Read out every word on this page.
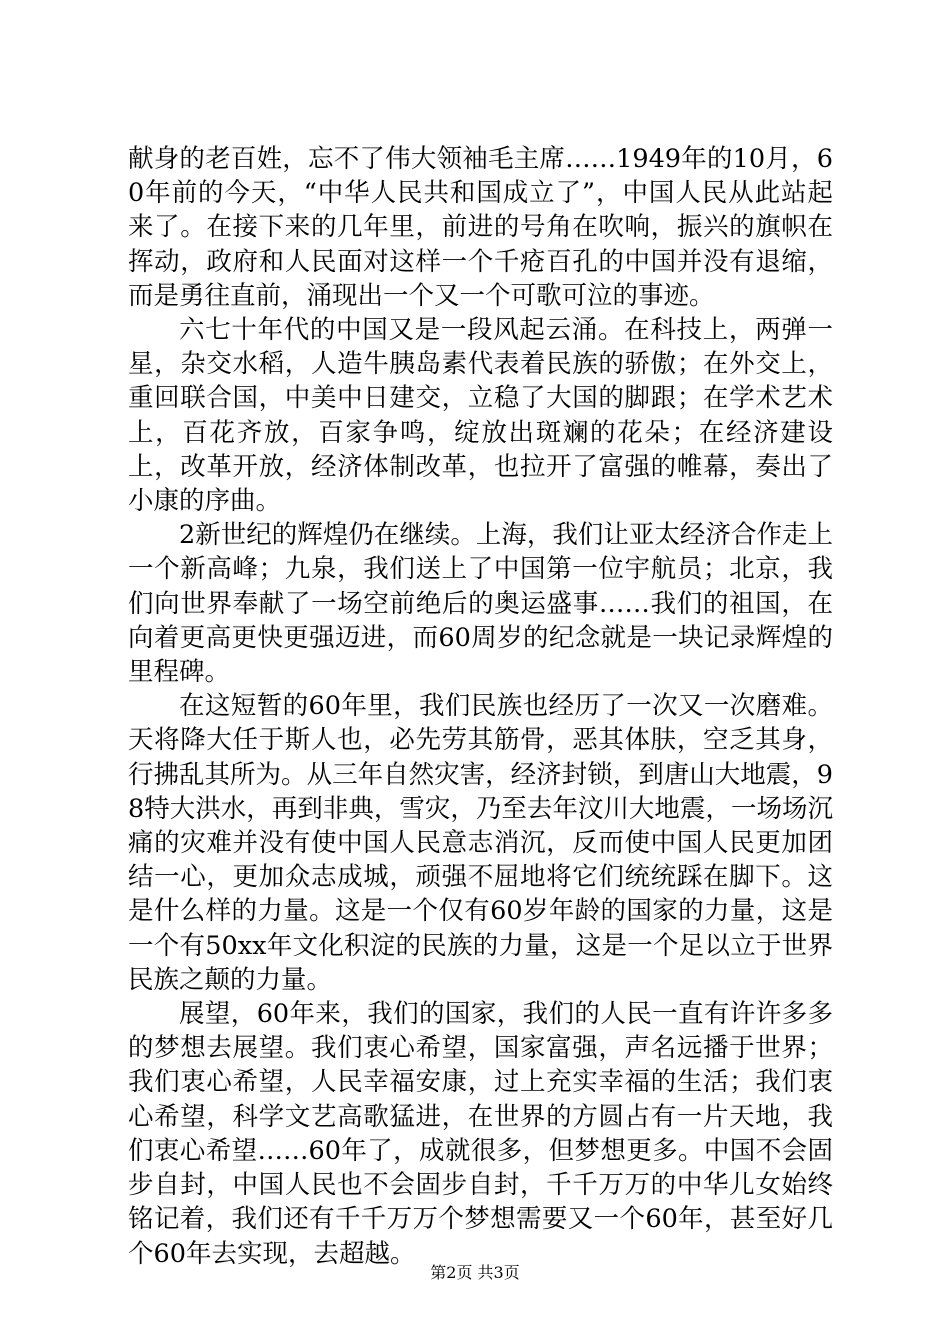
献身的老百姓，忘不了伟大领袖毛主席……1949年的10月，60年前的今天，“中华人民共和国成立了”，中国人民从此站起来了。在接下来的几年里，前进的号角在吹响，振兴的旗帜在挥动，政府和人民面对这样一个千疮百孔的中国并没有退缩，而是勇往直前，涌现出一个又一个可歌可泣的事迹。

六七十年代的中国又是一段风起云涌。在科技上，两弹一星，杂交水稻，人造牛胰岛素代表着民族的骄傲；在外交上，重回联合国，中美中日建交，立稳了大国的脚跟；在学术艺术上，百花齐放，百家争鸣，绽放出斑斓的花朵；在经济建设上，改革开放，经济体制改革，也拉开了富强的帷幕，奏出了小康的序曲。

2新世纪的辉煌仍在继续。上海，我们让亚太经济合作走上一个新高峰；九泉，我们送上了中国第一位宇航员；北京，我们向世界奉献了一场空前绝后的奥运盛事……我们的祖国，在向着更高更快更强迈进，而60周岁的纪念就是一块记录辉煌的里程碑。

在这短暂的60年里，我们民族也经历了一次又一次磨难。天将降大任于斯人也，必先劳其筋骨，恶其体肤，空乏其身，行拂乱其所为。从三年自然灾害，经济封锁，到唐山大地震，98特大洪水，再到非典，雪灾，乃至去年汶川大地震，一场场沉痛的灾难并没有使中国人民意志消沉，反而使中国人民更加团结一心，更加众志成城，顽强不屈地将它们统统踩在脚下。这是什么样的力量。这是一个仅有60岁年龄的国家的力量，这是一个有50xx年文化积淀的民族的力量，这是一个足以立于世界民族之颠的力量。

展望，60年来，我们的国家，我们的人民一直有许许多多的梦想去展望。我们衷心希望，国家富强，声名远播于世界；我们衷心希望，人民幸福安康，过上充实幸福的生活；我们衷心希望，科学文艺高歌猛进，在世界的方圆占有一片天地，我们衷心希望……60年了，成就很多，但梦想更多。中国不会固步自封，中国人民也不会固步自封，千千万万的中华儿女始终铭记着，我们还有千千万万个梦想需要又一个60年，甚至好几个60年去实现，去超越。

第2页 共3页
